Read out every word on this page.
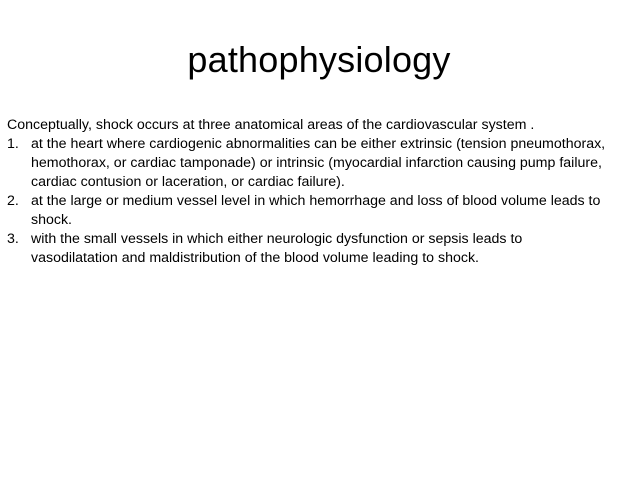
pathophysiology

Conceptually, shock occurs at three anatomical areas of the cardiovascular system .

1. at the heart where cardiogenic abnormalities can be either extrinsic (tension pneumothorax,
hemothorax, or cardiac tamponade) or intrinsic (myocardial infarction causing pump failure,
cardiac contusion or laceration, or cardiac failure).
2. at the large or medium vessel level in which hemorrhage and loss of blood volume leads to
shock.
3. with the small vessels in which either neurologic dysfunction or sepsis leads to
vasodilatation and maldistribution of the blood volume leading to shock.
